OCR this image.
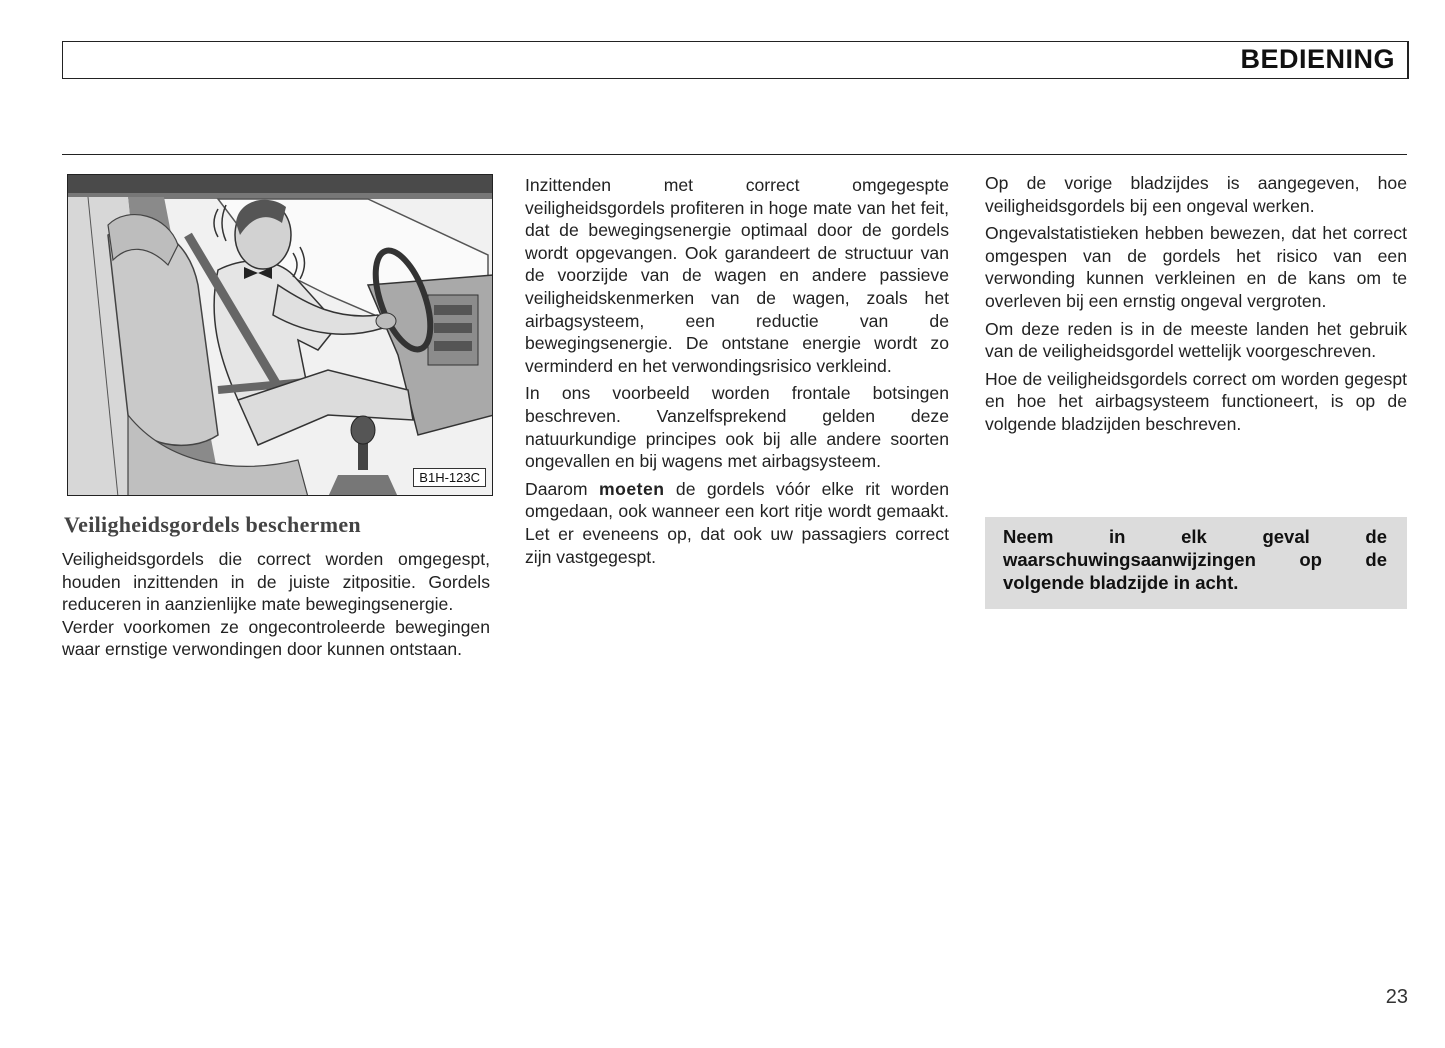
BEDIENING
B1H-123C
Veiligheidsgordels beschermen

Veiligheidsgordels die correct worden omgegespt, houden inzittenden in de juiste zitpositie. Gordels reduceren in aanzienlijke mate bewegingsenergie.

Verder voorkomen ze ongecontroleerde bewegingen waar ernstige verwondingen door kunnen ontstaan.

Inzittenden met correct omgegespte veiligheidsgordels profiteren in hoge mate van het feit, dat de bewegingsenergie optimaal door de gordels wordt opgevangen. Ook garandeert de structuur van de voorzijde van de wagen en andere passieve veiligheidskenmerken van de wagen, zoals het airbagsysteem, een reductie van de bewegingsenergie. De ontstane energie wordt zo verminderd en het verwondingsrisico verkleind.

In ons voorbeeld worden frontale botsingen beschreven. Vanzelfsprekend gelden deze natuurkundige principes ook bij alle andere soorten ongevallen en bij wagens met airbagsysteem.

Daarom moeten de gordels vóór elke rit worden omgedaan, ook wanneer een kort ritje wordt gemaakt. Let er eveneens op, dat ook uw passagiers correct zijn vastgegespt.

Op de vorige bladzijdes is aangegeven, hoe veiligheidsgordels bij een ongeval werken.

Ongevalstatistieken hebben bewezen, dat het correct omgespen van de gordels het risico van een verwonding kunnen verkleinen en de kans om te overleven bij een ernstig ongeval vergroten.

Om deze reden is in de meeste landen het gebruik van de veiligheidsgordel wettelijk voorgeschreven.

Hoe de veiligheidsgordels correct om worden gegespt en hoe het airbagsysteem functioneert, is op de volgende bladzijden beschreven.

Neem in elk geval de waarschuwingsaanwijzingen op de volgende bladzijde in acht.
23
